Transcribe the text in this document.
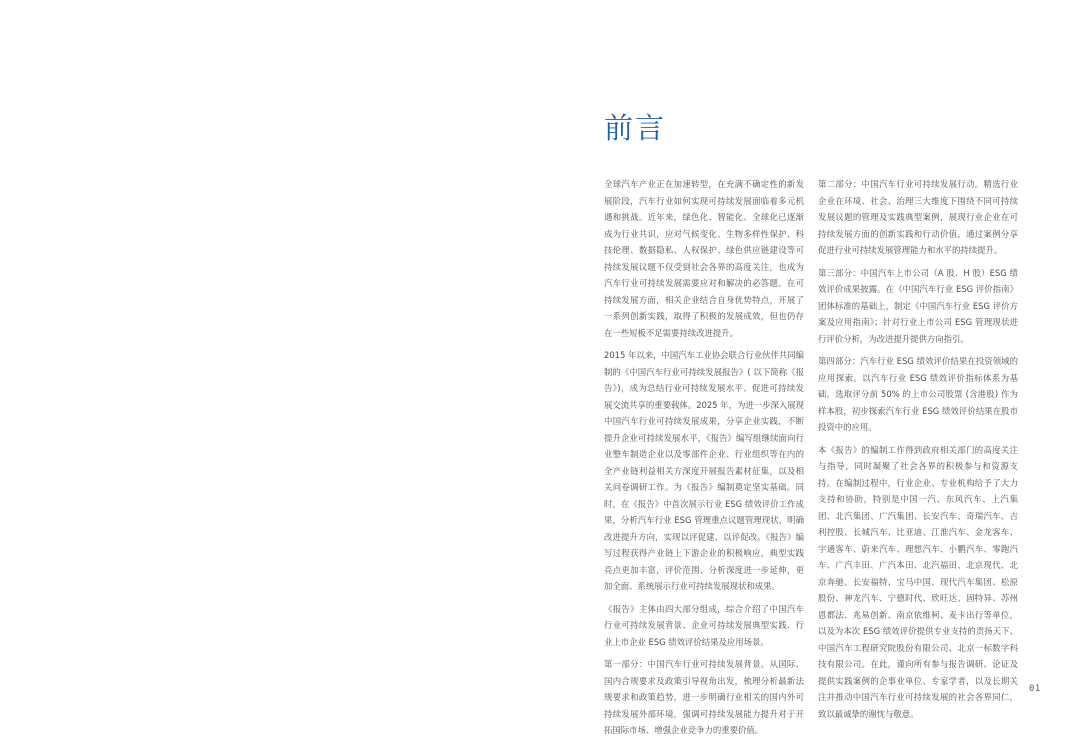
前言

全球汽车产业正在加速转型，在充满不确定性的新发展阶段，汽车行业如何实现可持续发展面临着多元机遇和挑战。近年来，绿色化、智能化、全球化已逐渐成为行业共识，应对气候变化、生物多样性保护、科技伦理、数据隐私、人权保护、绿色供应链建设等可持续发展议题不仅受到社会各界的高度关注，也成为汽车行业可持续发展需要应对和解决的必答题。在可持续发展方面，相关企业结合自身优势特点，开展了一系列创新实践，取得了积极的发展成效，但也仍存在一些短板不足需要持续改进提升。

2015 年以来，中国汽车工业协会联合行业伙伴共同编制的《中国汽车行业可持续发展报告》( 以下简称《报告》)，成为总结行业可持续发展水平、促进可持续发展交流共享的重要载体。2025 年，为进一步深入展现中国汽车行业可持续发展成果，分享企业实践，不断提升企业可持续发展水平，《报告》编写组继续面向行业整车制造企业以及零部件企业、行业组织等在内的全产业链利益相关方深度开展报告素材征集，以及相关问卷调研工作。为《报告》编制奠定坚实基础。同时，在《报告》中首次展示行业 ESG 绩效评价工作成果，分析汽车行业 ESG 管理重点议题管理现状，明确改进提升方向，实现以评促建、以评促改。《报告》编写过程获得产业链上下游企业的积极响应，典型实践亮点更加丰富，评价范围、分析深度进一步延伸，更加全面、系统展示行业可持续发展现状和成果。

《报告》主体由四大部分组成，综合介绍了中国汽车行业可持续发展背景、企业可持续发展典型实践、行业上市企业 ESG 绩效评价结果及应用场景。

第一部分：中国汽车行业可持续发展背景。从国际、国内合规要求及政策引导视角出发，梳理分析最新法规要求和政策趋势，进一步明确行业相关的国内外可持续发展外部环境，强调可持续发展能力提升对于开拓国际市场、增强企业竞争力的重要价值。

第二部分：中国汽车行业可持续发展行动。精选行业企业在环境、社会、治理三大维度下围绕不同可持续发展议题的管理及实践典型案例，展现行业企业在可持续发展方面的创新实践和行动价值，通过案例分享促进行业可持续发展管理能力和水平的持续提升。

第三部分：中国汽车上市公司（A 股、H 股）ESG 绩效评价成果披露。在《中国汽车行业 ESG 评价指南》团体标准的基础上，制定《中国汽车行业 ESG 评价方案及应用指南》；针对行业上市公司 ESG 管理现状进行评价分析，为改进提升提供方向指引。

第四部分：汽车行业 ESG 绩效评价结果在投资领域的应用探索。以汽车行业 ESG 绩效评价指标体系为基础，选取评分前 50% 的上市公司股票 (含港股) 作为样本股，初步探索汽车行业 ESG 绩效评价结果在股市投资中的应用。

本《报告》的编制工作得到政府相关部门的高度关注与指导，同时凝聚了社会各界的积极参与和资源支持。在编制过程中，行业企业、专业机构给予了大力支持和协助，特别是中国一汽、东风汽车、上汽集团、北汽集团、广汽集团、长安汽车、奇瑞汽车、吉利控股、长城汽车、比亚迪、江淮汽车、金龙客车、宇通客车、蔚来汽车、理想汽车、小鹏汽车、零跑汽车、广汽丰田、广汽本田、北汽福田、北京现代、北京奔驰、长安福特、宝马中国、现代汽车集团、松原股份、神龙汽车、宁德时代、欣旺达、固特异、苏州恩都法、兆易创新、南京依维柯、麦卡出行等单位，以及为本次 ESG 绩效评价提供专业支持的责扬天下、中国汽车工程研究院股份有限公司、北京一标数字科技有限公司。在此，谨向所有参与报告调研、论证及提供实践案例的企事业单位、专家学者，以及长期关注并推动中国汽车行业可持续发展的社会各界同仁，致以最诚挚的谢忱与敬意。

01
